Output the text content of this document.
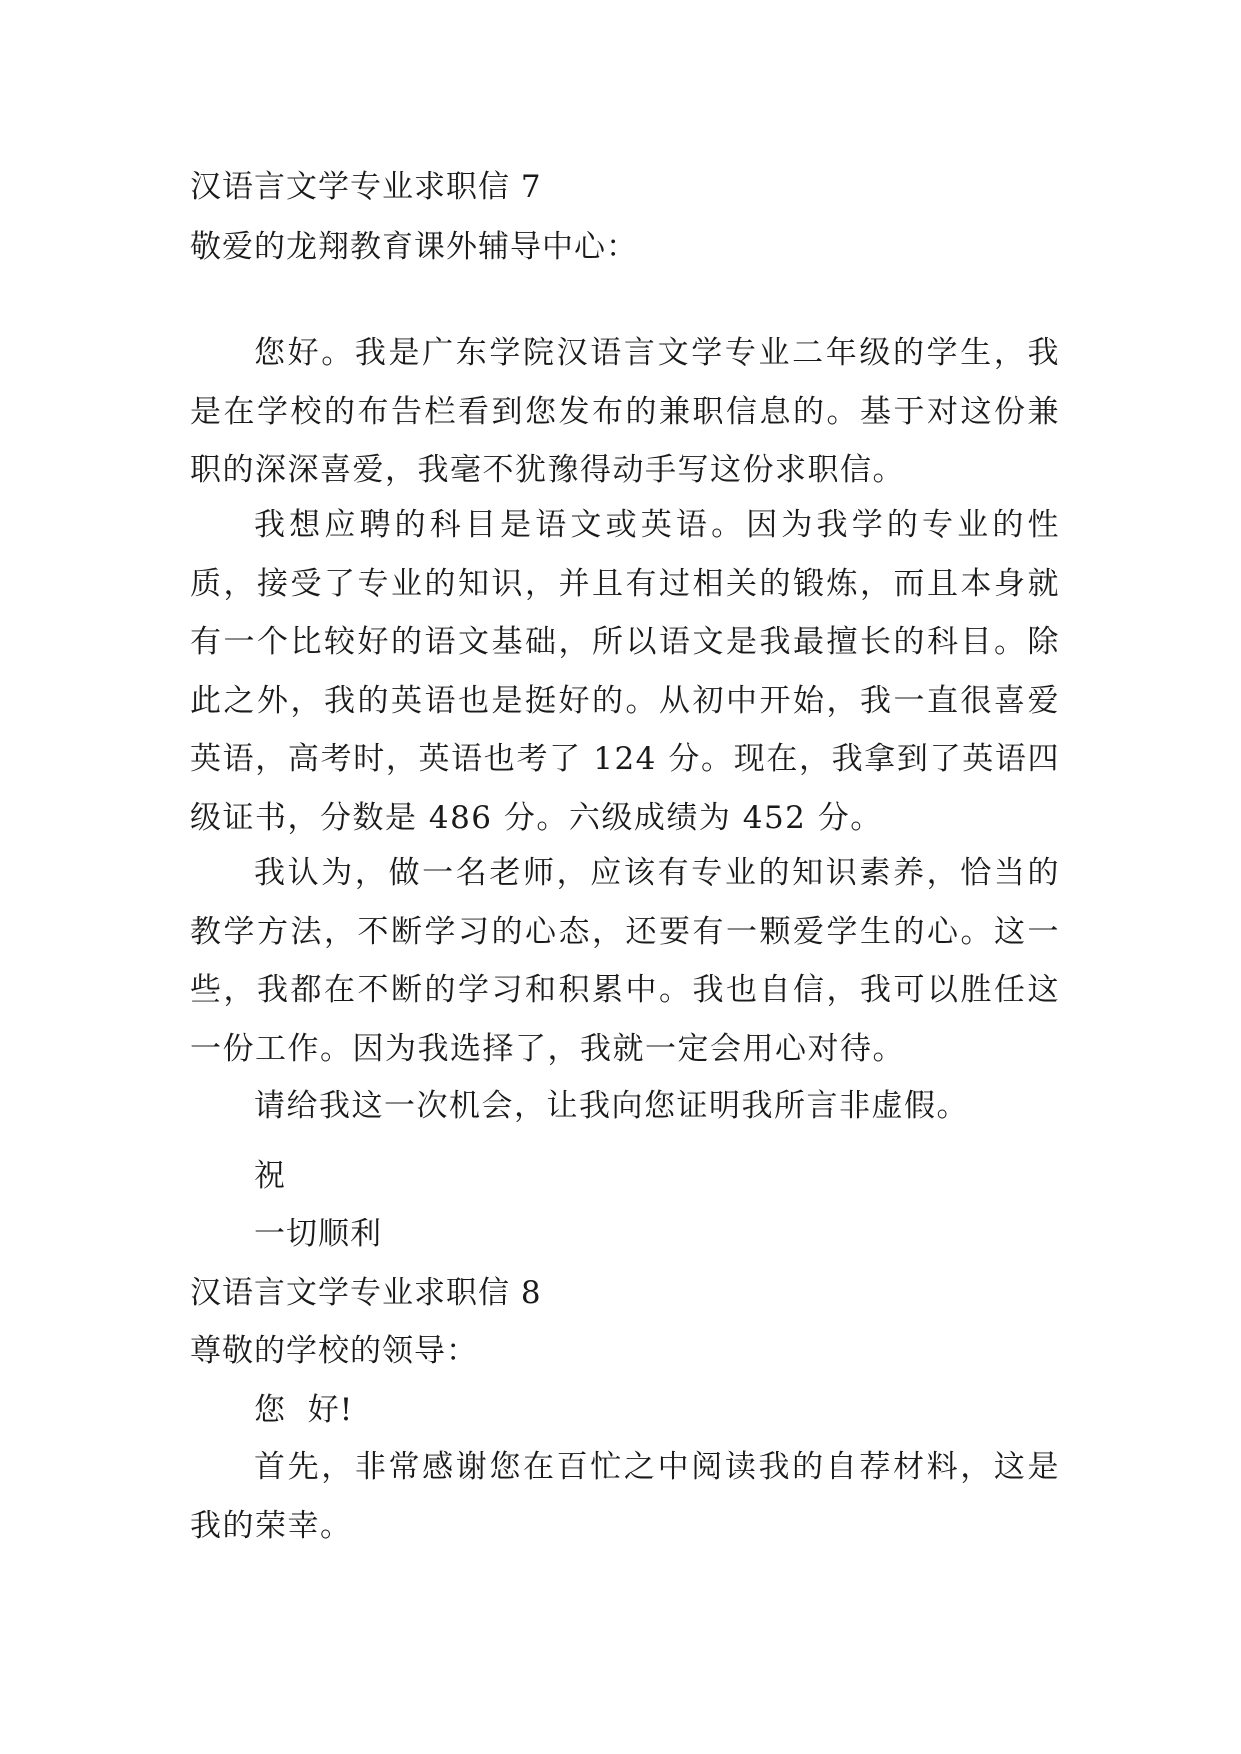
汉语言文学专业求职信 7
敬爱的龙翔教育课外辅导中心：

您好。我是广东学院汉语言文学专业二年级的学生，我是在学校的布告栏看到您发布的兼职信息的。基于对这份兼职的深深喜爱，我毫不犹豫得动手写这份求职信。

我想应聘的科目是语文或英语。因为我学的专业的性质，接受了专业的知识，并且有过相关的锻炼，而且本身就有一个比较好的语文基础，所以语文是我最擅长的科目。除此之外，我的英语也是挺好的。从初中开始，我一直很喜爱英语，高考时，英语也考了 124 分。现在，我拿到了英语四级证书，分数是 486 分。六级成绩为 452 分。

我认为，做一名老师，应该有专业的知识素养，恰当的教学方法，不断学习的心态，还要有一颗爱学生的心。这一些，我都在不断的学习和积累中。我也自信，我可以胜任这一份工作。因为我选择了，我就一定会用心对待。

请给我这一次机会，让我向您证明我所言非虚假。

祝
一切顺利
汉语言文学专业求职信 8
尊敬的学校的领导：
您  好!

首先，非常感谢您在百忙之中阅读我的自荐材料，这是我的荣幸。
